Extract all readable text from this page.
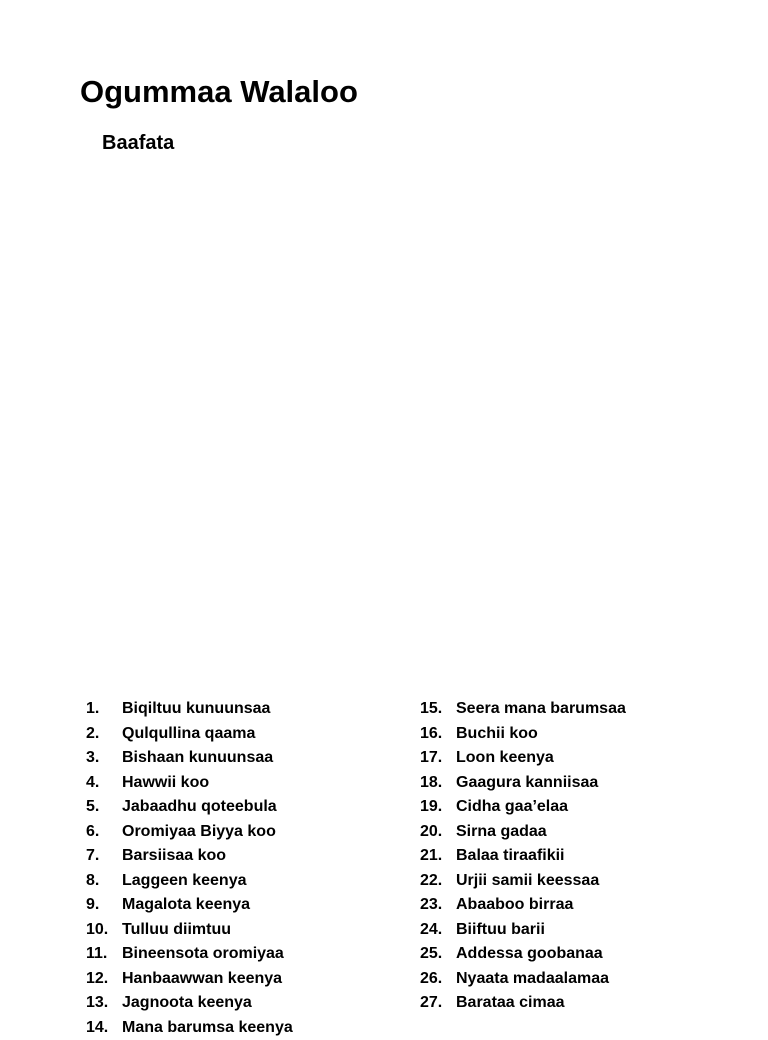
Ogummaa Walaloo
Baafata
1. Biqiltuu kunuunsaa
2. Qulqullina qaama
3. Bishaan kunuunsaa
4. Hawwii koo
5. Jabaadhu qoteebula
6. Oromiyaa Biyya koo
7. Barsiisaa koo
8. Laggeen keenya
9. Magalota keenya
10. Tulluu diimtuu
11. Bineensota oromiyaa
12. Hanbaawwan keenya
13. Jagnoota keenya
14. Mana barumsa keenya
15. Seera mana barumsaa
16. Buchii koo
17. Loon keenya
18. Gaagura kanniisaa
19. Cidha gaa’elaa
20. Sirna gadaa
21. Balaa tiraafikii
22. Urjii samii keessaa
23. Abaaboo birraa
24. Biiftuu barii
25. Addessa goobanaa
26. Nyaata madaalamaa
27. Barataa cimaa
